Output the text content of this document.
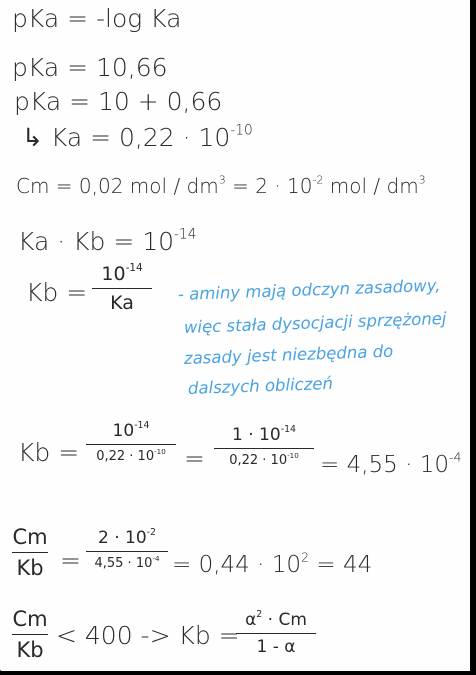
pKa = -log Ka
pKa = 10,66
pKa = 10 + 0,66
↳ $Ka = 0,22 \cdot 10^{-10}$
Cm = 0,02 mol / $dm^3 = 2 \cdot 10^{-2}$ mol / $dm^3$
$Ka \cdot Kb = 10^{-14}$
Kb =
$10^{-14}$
Ka	- aminy mają odczyn zasadowy,
więc stała dysocjacji sprzężonej
zasady jest niezbędna do
dalszych obliczeń
Kb =
$10^{-14}$
$0,22 \cdot 10^{-10}$ =
$1 \cdot 10^{-14}$
$0,22 \cdot 10^{-10} = 4,55 \cdot 10^{-4}$
Cm
Kb =
$2 \cdot 10^{-2}$
$4,55 \cdot 10^{-4} = 0,44 \cdot 10^2 = 44$
Cm
Kb < 400 -> Kb =
$\alpha^2 \cdot Cm$
1 - α
